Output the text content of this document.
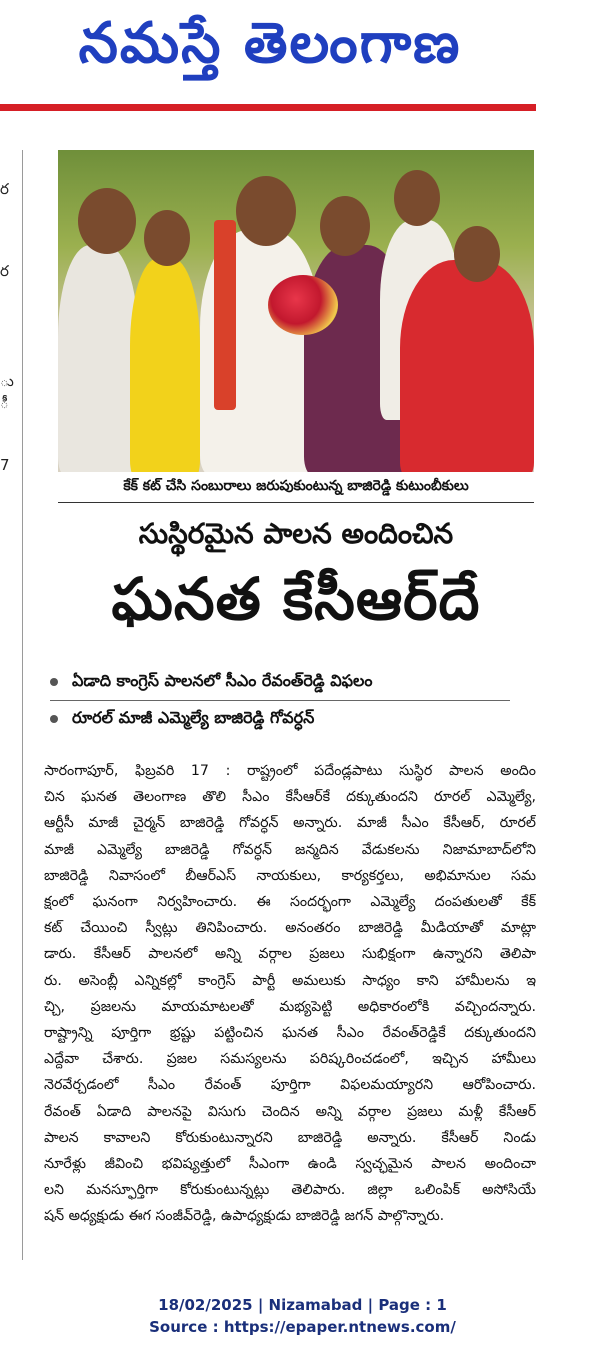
నమస్తే తెలంగాణ
ర
ర
ు
ీ
7
కేక్ కట్ చేసి సంబురాలు జరుపుకుంటున్న బాజిరెడ్డి కుటుంబీకులు
సుస్థిరమైన పాలన అందించిన
ఘనత కేసీఆర్‌దే
ఏడాది కాంగ్రెస్ పాలనలో సీఎం రేవంత్‌రెడ్డి విఫలం
రూరల్ మాజీ ఎమ్మెల్యే బాజిరెడ్డి గోవర్ధన్

సారంగాపూర్, ఫిబ్రవరి 17 : రాష్ట్రంలో పదేండ్లపాటు సుస్థిర పాలన అందిం

చిన ఘనత తెలంగాణ తొలి సీఎం కేసీఆర్‌కే దక్కుతుందని రూరల్ ఎమ్మెల్యే,

ఆర్టీసీ మాజీ చైర్మన్ బాజిరెడ్డి గోవర్ధన్ అన్నారు. మాజీ సీఎం కేసీఆర్, రూరల్

మాజీ ఎమ్మెల్యే బాజిరెడ్డి గోవర్ధన్ జన్మదిన వేడుకలను నిజామాబాద్‌లోని

బాజిరెడ్డి నివాసంలో బీఆర్‌ఎస్ నాయకులు, కార్యకర్తలు, అభిమానుల సమ

క్షంలో ఘనంగా నిర్వహించారు. ఈ సందర్భంగా ఎమ్మెల్యే దంపతులతో కేక్

కట్ చేయించి స్వీట్లు తినిపించారు. అనంతరం బాజిరెడ్డి మీడియాతో మాట్లా

డారు. కేసీఆర్ పాలనలో అన్ని వర్గాల ప్రజలు సుభిక్షంగా ఉన్నారని తెలిపా

రు. అసెంబ్లీ ఎన్నికల్లో కాంగ్రెస్ పార్టీ అమలుకు సాధ్యం కాని హామీలను ఇ

చ్చి, ప్రజలను మాయమాటలతో మభ్యపెట్టి అధికారంలోకి వచ్చిందన్నారు.

రాష్ట్రాన్ని పూర్తిగా భ్రష్టు పట్టించిన ఘనత సీఎం రేవంత్‌రెడ్డికే దక్కుతుందని

ఎద్దేవా చేశారు. ప్రజల సమస్యలను పరిష్కరించడంలో, ఇచ్చిన హామీలు

నెరవేర్చడంలో సీఎం రేవంత్ పూర్తిగా విఫలమయ్యారని ఆరోపించారు.

రేవంత్ ఏడాది పాలనపై విసుగు చెందిన అన్ని వర్గాల ప్రజలు మళ్లీ కేసీఆర్

పాలన కావాలని కోరుకుంటున్నారని బాజిరెడ్డి అన్నారు. కేసీఆర్ నిండు

నూరేళ్లు జీవించి భవిష్యత్తులో సీఎంగా ఉండి స్వచ్ఛమైన పాలన అందించా

లని మనస్ఫూర్తిగా కోరుకుంటున్నట్లు తెలిపారు. జిల్లా ఒలింపిక్ అసోసియే

షన్ అధ్యక్షుడు ఈగ సంజీవ్‌రెడ్డి, ఉపాధ్యక్షుడు బాజిరెడ్డి జగన్ పాల్గొన్నారు.

18/02/2025 | Nizamabad | Page : 1
Source : https://epaper.ntnews.com/
